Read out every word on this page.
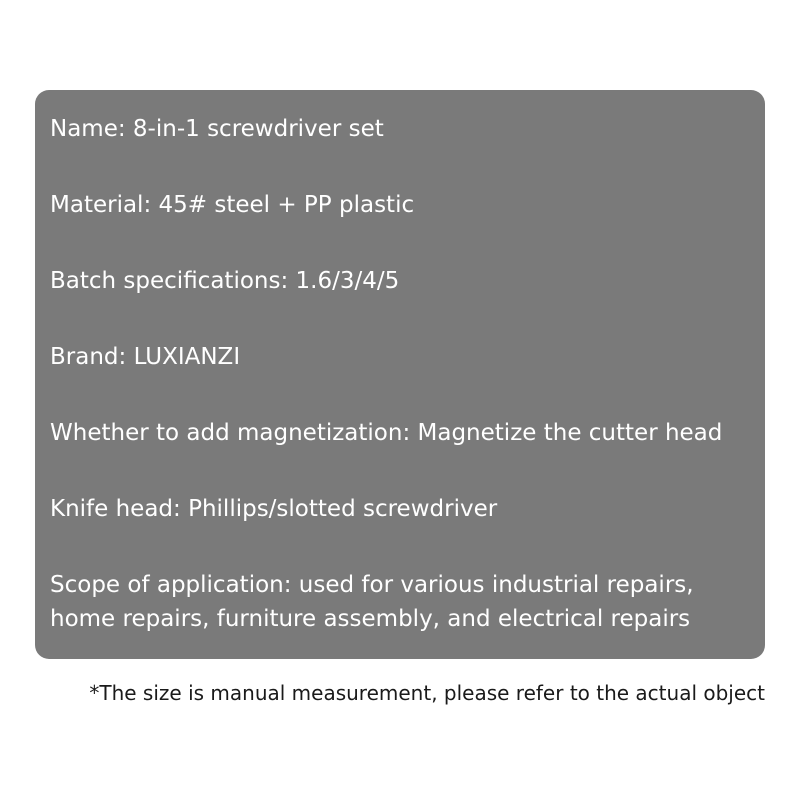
Name: 8-in-1 screwdriver set

Material: 45# steel + PP plastic

Batch specifications: 1.6/3/4/5

Brand: LUXIANZI

Whether to add magnetization: Magnetize the cutter head

Knife head: Phillips/slotted screwdriver

Scope of application: used for various industrial repairs,

home repairs, furniture assembly, and electrical repairs

*The size is manual measurement, please refer to the actual object
